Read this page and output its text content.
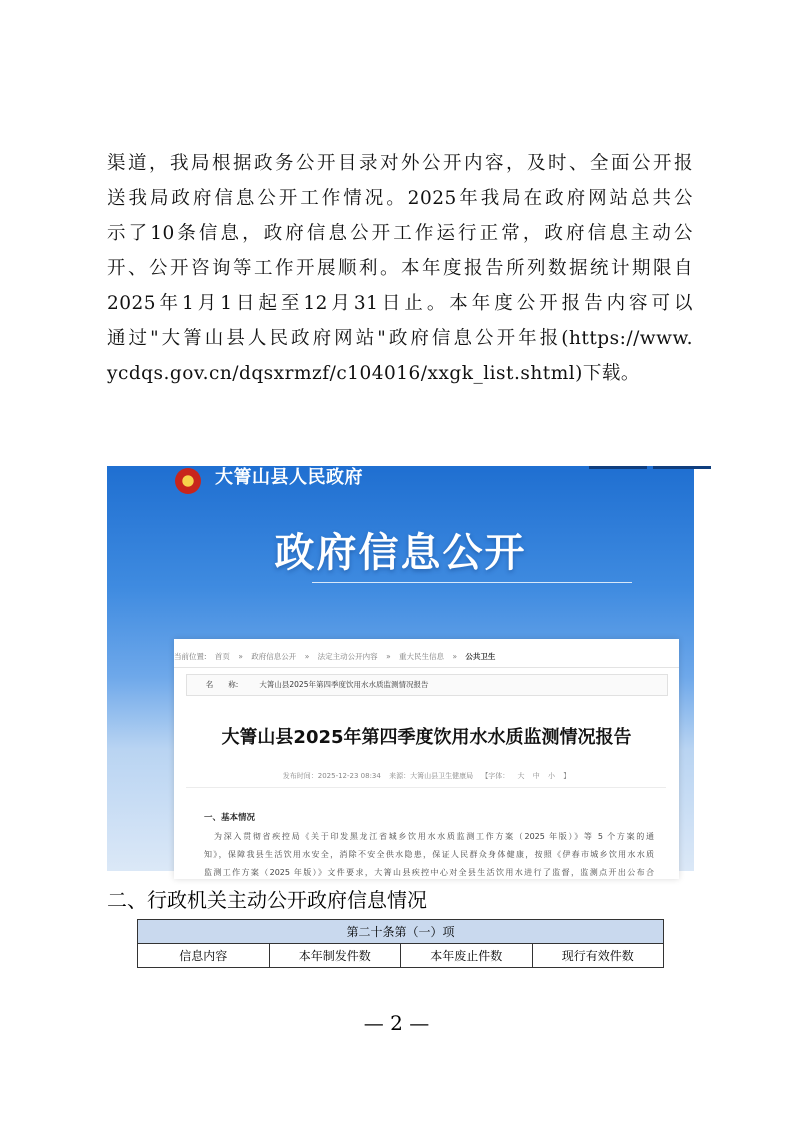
渠道，我局根据政务公开目录对外公开内容，及时、全面公开报
送我局政府信息公开工作情况。2025年我局在政府网站总共公
示了10条信息，政府信息公开工作运行正常，政府信息主动公
开、公开咨询等工作开展顺利。本年度报告所列数据统计期限自
2025年1月1日起至12月31日止。本年度公开报告内容可以
通过"大箐山县人民政府网站"政府信息公开年报(https://www.
ycdqs.gov.cn/dqsxrmzf/c104016/xxgk_list.shtml)下载。
大箐山县人民政府
政府信息公开
当前位置: 首页 » 政府信息公开 » 法定主动公开内容 » 重大民生信息 » 公共卫生
名　　称:	大箐山县2025年第四季度饮用水水质监测情况报告
大箐山县2025年第四季度饮用水水质监测情况报告
发布时间：2025-12-23 08:34 来源：大箐山县卫生健康局 【字体： 大 中 小 】
一、基本情况
为深入贯彻省疾控局《关于印发黑龙江省城乡饮用水水质监测工作方案（2025 年版）》等 5 个方案的通
知》，保障我县生活饮用水安全，消除不安全供水隐患，保证人民群众身体健康，按照《伊春市城乡饮用水水质
监测工作方案（2025 年版）》文件要求，大箐山县疾控中心对全县生活饮用水进行了监督，监测点开出公布合
二、行政机关主动公开政府信息情况
第二十条第（一）项
信息内容	本年制发件数	本年废止件数	现行有效件数
— 2 —
